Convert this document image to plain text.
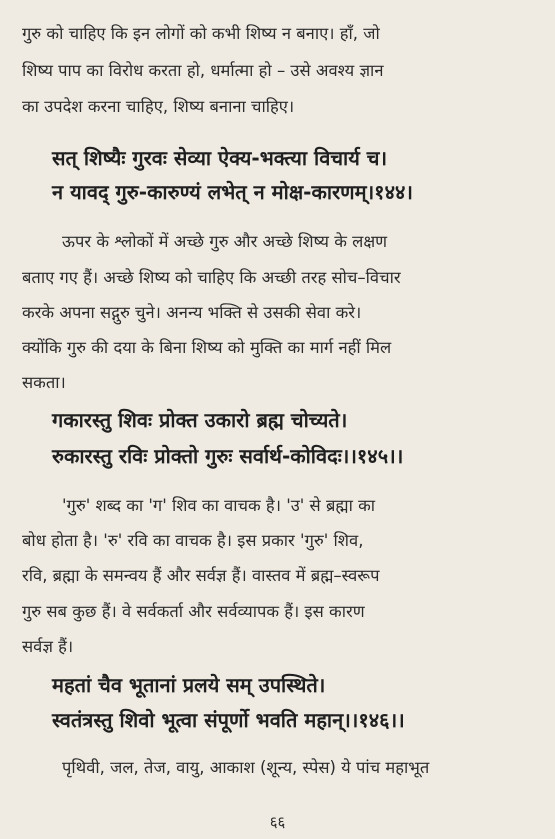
गुरु को चाहिए कि इन लोगों को कभी शिष्य न बनाए। हाँ, जो
शिष्य पाप का विरोध करता हो, धर्मात्मा हो – उसे अवश्य ज्ञान
का उपदेश करना चाहिए, शिष्य बनाना चाहिए।
सत् शिष्यैः गुरवः सेव्या ऐक्य-भक्त्या विचार्य च।
न यावद् गुरु-कारुण्यं लभेत् न मोक्ष-कारणम्।१४४।
ऊपर के श्लोकों में अच्छे गुरु और अच्छे शिष्य के लक्षण
बताए गए हैं। अच्छे शिष्य को चाहिए कि अच्छी तरह सोच–विचार
करके अपना सद्गुरु चुने। अनन्य भक्ति से उसकी सेवा करे।
क्योंकि गुरु की दया के बिना शिष्य को मुक्ति का मार्ग नहीं मिल
सकता।
गकारस्तु शिवः प्रोक्त उकारो ब्रह्म चोच्यते।
रुकारस्तु रविः प्रोक्तो गुरुः सर्वार्थ-कोविदः।।१४५।।
'गुरु' शब्द का 'ग' शिव का वाचक है। 'उ' से ब्रह्मा का
बोध होता है। 'रु' रवि का वाचक है। इस प्रकार 'गुरु' शिव,
रवि, ब्रह्मा के समन्वय हैं और सर्वज्ञ हैं। वास्तव में ब्रह्म–स्वरूप
गुरु सब कुछ हैं। वे सर्वकर्ता और सर्वव्यापक हैं। इस कारण
सर्वज्ञ हैं।
महतां चैव भूतानां प्रलये सम् उपस्थिते।
स्वतंत्रस्तु शिवो भूत्वा संपूर्णो भवति महान्।।१४६।।
पृथिवी, जल, तेज, वायु, आकाश (शून्य, स्पेस) ये पांच महाभूत
६६
